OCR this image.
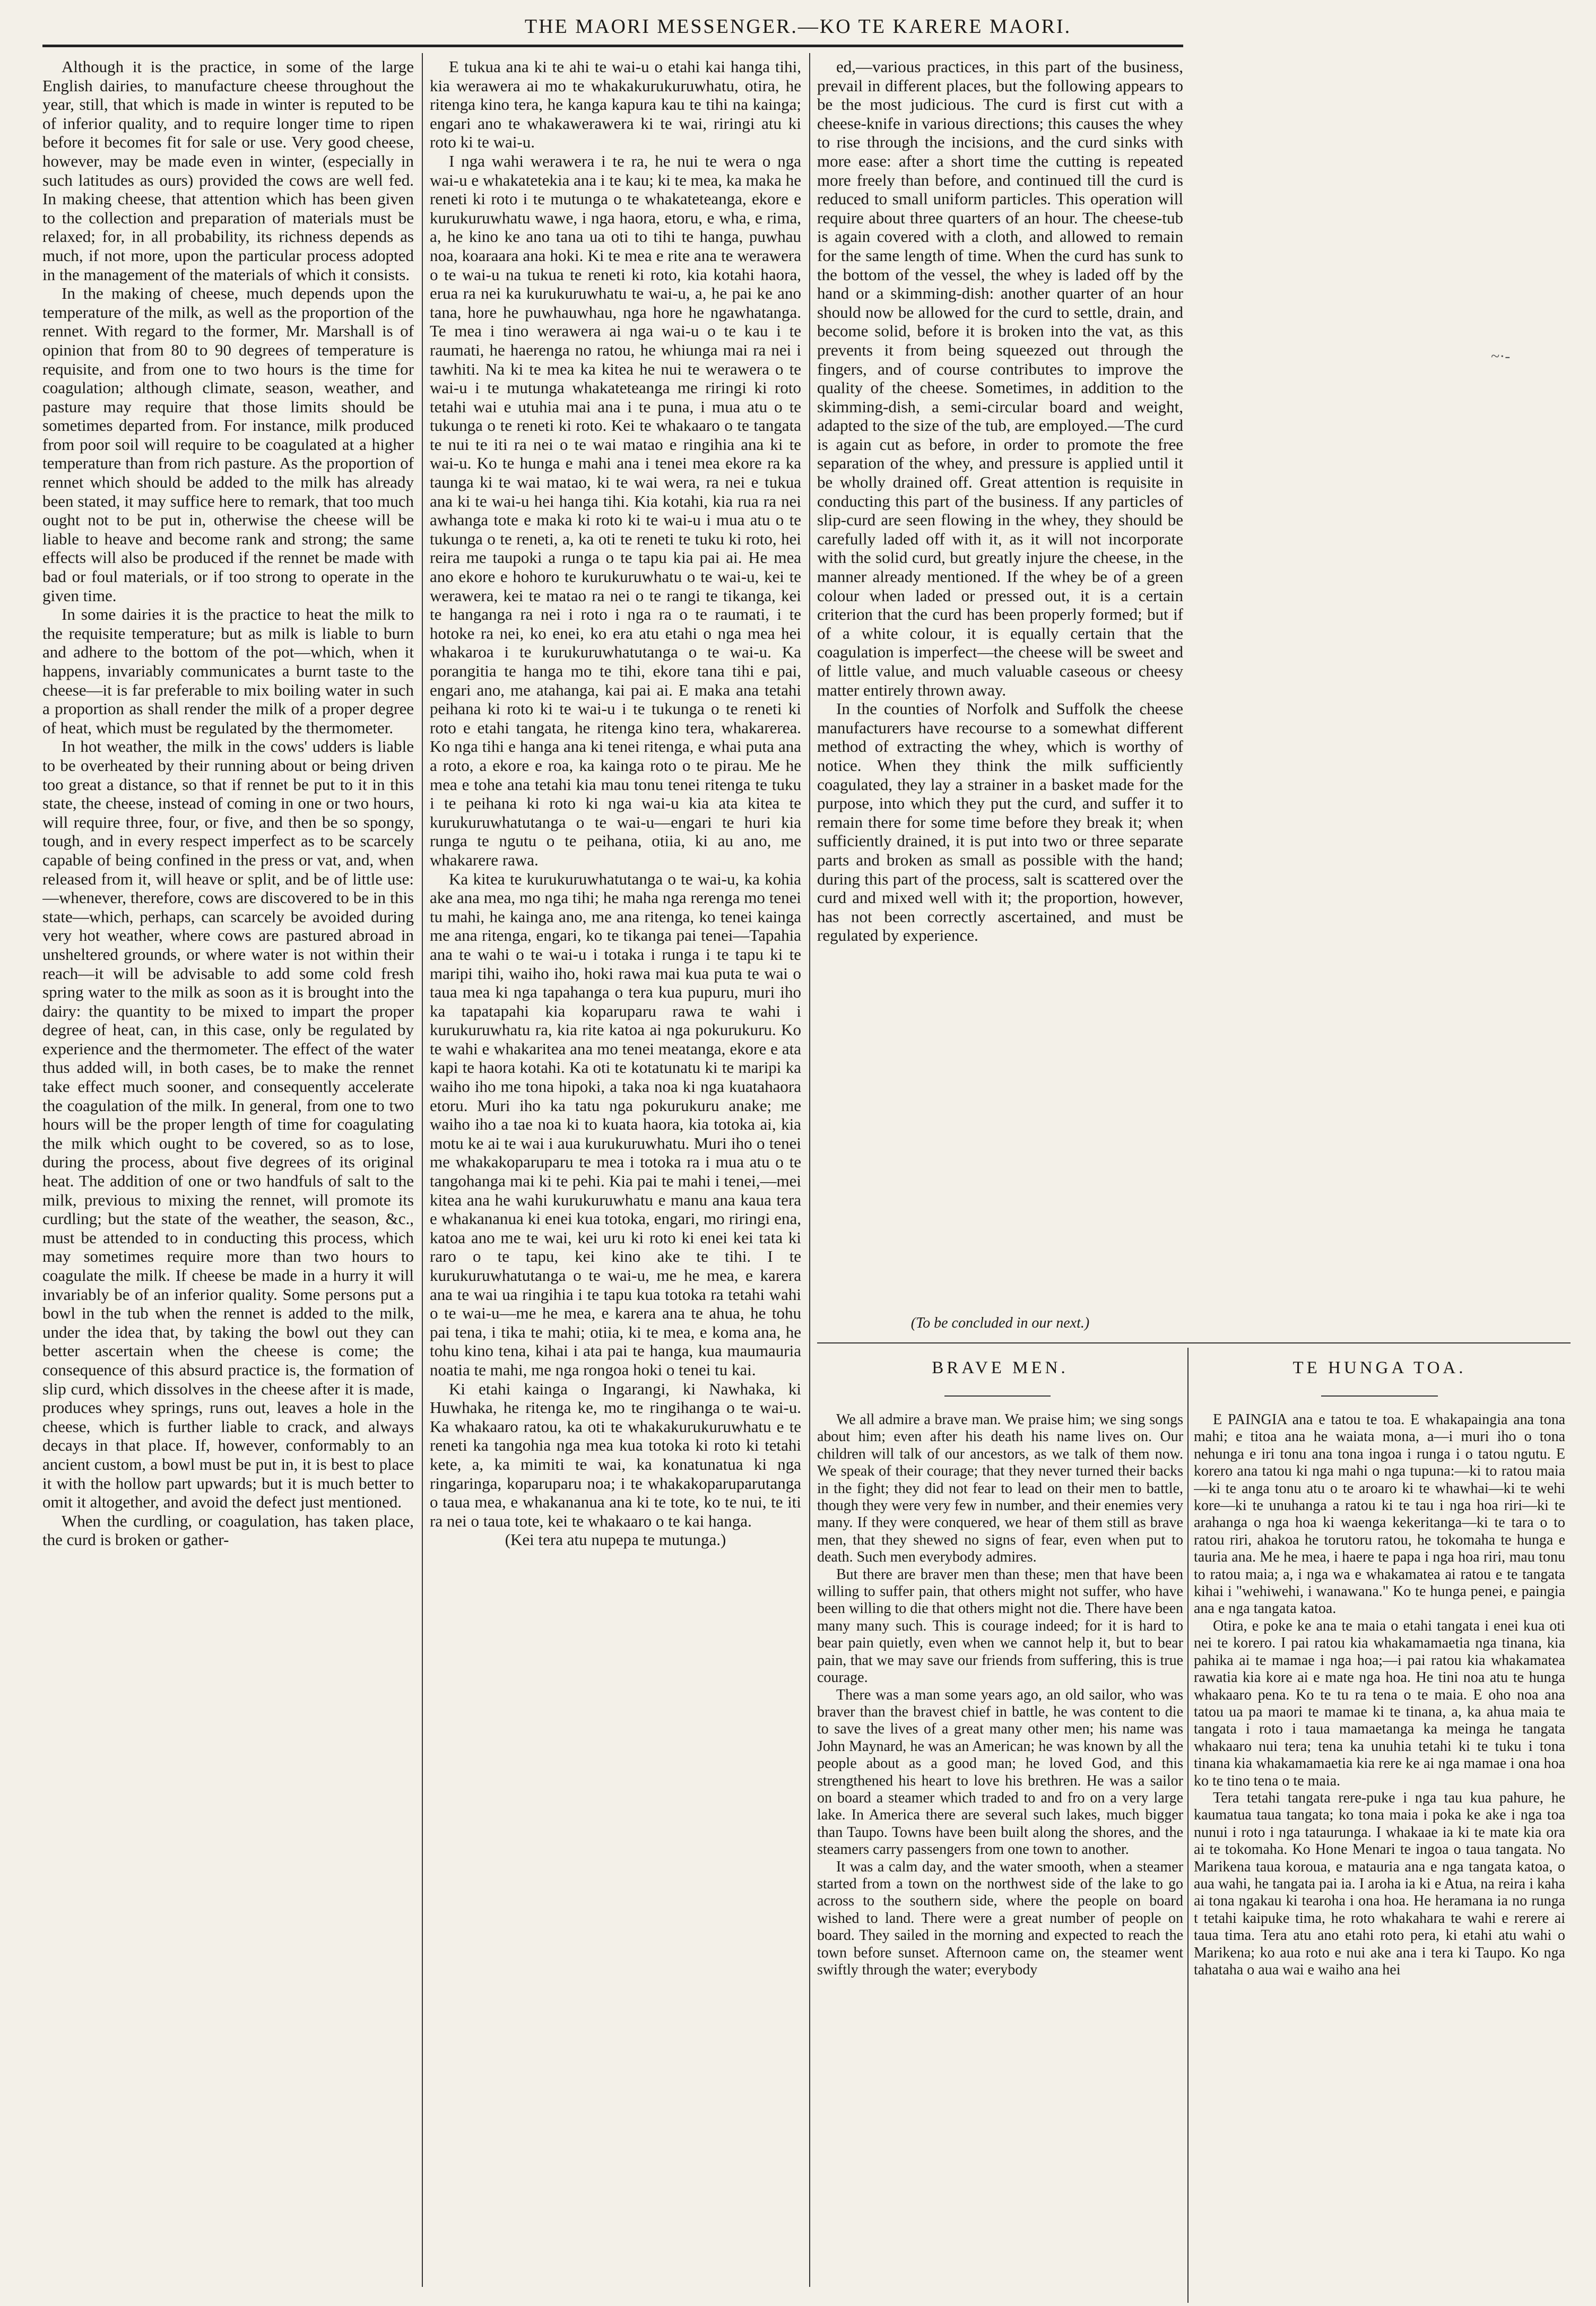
THE MAORI MESSENGER.—KO TE KARERE MAORI.

Although it is the practice, in some of the large English dairies, to manufacture cheese throughout the year, still, that which is made in winter is reputed to be of inferior quality, and to require longer time to ripen before it becomes fit for sale or use. Very good cheese, however, may be made even in winter, (especially in such latitudes as ours) provided the cows are well fed. In making cheese, that attention which has been given to the collection and preparation of materials must be relaxed; for, in all probability, its richness depends as much, if not more, upon the particular process adopted in the management of the materials of which it consists.

In the making of cheese, much depends upon the temperature of the milk, as well as the proportion of the rennet. With regard to the former, Mr. Marshall is of opinion that from 80 to 90 degrees of temperature is requisite, and from one to two hours is the time for coagulation; although climate, season, weather, and pasture may require that those limits should be sometimes departed from. For instance, milk produced from poor soil will require to be coagulated at a higher temperature than from rich pasture. As the proportion of rennet which should be added to the milk has already been stated, it may suffice here to remark, that too much ought not to be put in, otherwise the cheese will be liable to heave and become rank and strong; the same effects will also be produced if the rennet be made with bad or foul materials, or if too strong to operate in the given time.

In some dairies it is the practice to heat the milk to the requisite temperature; but as milk is liable to burn and adhere to the bottom of the pot—which, when it happens, invariably communicates a burnt taste to the cheese—it is far preferable to mix boiling water in such a proportion as shall render the milk of a proper degree of heat, which must be regulated by the thermometer.

In hot weather, the milk in the cows' udders is liable to be overheated by their running about or being driven too great a distance, so that if rennet be put to it in this state, the cheese, instead of coming in one or two hours, will require three, four, or five, and then be so spongy, tough, and in every respect imperfect as to be scarcely capable of being confined in the press or vat, and, when released from it, will heave or split, and be of little use:—whenever, therefore, cows are discovered to be in this state—which, perhaps, can scarcely be avoided during very hot weather, where cows are pastured abroad in unsheltered grounds, or where water is not within their reach—it will be advisable to add some cold fresh spring water to the milk as soon as it is brought into the dairy: the quantity to be mixed to impart the proper degree of heat, can, in this case, only be regulated by experience and the thermometer. The effect of the water thus added will, in both cases, be to make the rennet take effect much sooner, and consequently accelerate the coagulation of the milk. In general, from one to two hours will be the proper length of time for coagulating the milk which ought to be covered, so as to lose, during the process, about five degrees of its original heat. The addition of one or two handfuls of salt to the milk, previous to mixing the rennet, will promote its curdling; but the state of the weather, the season, &c., must be attended to in conducting this process, which may sometimes require more than two hours to coagulate the milk. If cheese be made in a hurry it will invariably be of an inferior quality. Some persons put a bowl in the tub when the rennet is added to the milk, under the idea that, by taking the bowl out they can better ascertain when the cheese is come; the consequence of this absurd practice is, the formation of slip curd, which dissolves in the cheese after it is made, produces whey springs, runs out, leaves a hole in the cheese, which is further liable to crack, and always decays in that place. If, however, conformably to an ancient custom, a bowl must be put in, it is best to place it with the hollow part upwards; but it is much better to omit it altogether, and avoid the defect just mentioned.

When the curdling, or coagulation, has taken place, the curd is broken or gather-

E tukua ana ki te ahi te wai-u o etahi kai hanga tihi, kia werawera ai mo te whakakurukuruwhatu, otira, he ritenga kino tera, he kanga kapura kau te tihi na kainga; engari ano te whakawerawera ki te wai, riringi atu ki roto ki te wai-u.

I nga wahi werawera i te ra, he nui te wera o nga wai-u e whakatetekia ana i te kau; ki te mea, ka maka he reneti ki roto i te mutunga o te whakateteanga, ekore e kurukuruwhatu wawe, i nga haora, etoru, e wha, e rima, a, he kino ke ano tana ua oti to tihi te hanga, puwhau noa, koaraara ana hoki. Ki te mea e rite ana te werawera o te wai-u na tukua te reneti ki roto, kia kotahi haora, erua ra nei ka kurukuruwhatu te wai-u, a, he pai ke ano tana, hore he puwhauwhau, nga hore he ngawhatanga. Te mea i tino werawera ai nga wai-u o te kau i te raumati, he haerenga no ratou, he whiunga mai ra nei i tawhiti. Na ki te mea ka kitea he nui te werawera o te wai-u i te mutunga whakateteanga me riringi ki roto tetahi wai e utuhia mai ana i te puna, i mua atu o te tukunga o te reneti ki roto. Kei te whakaaro o te tangata te nui te iti ra nei o te wai matao e ringihia ana ki te wai-u. Ko te hunga e mahi ana i tenei mea ekore ra ka taunga ki te wai matao, ki te wai wera, ra nei e tukua ana ki te wai-u hei hanga tihi. Kia kotahi, kia rua ra nei awhanga tote e maka ki roto ki te wai-u i mua atu o te tukunga o te reneti, a, ka oti te reneti te tuku ki roto, hei reira me taupoki a runga o te tapu kia pai ai. He mea ano ekore e hohoro te kurukuruwhatu o te wai-u, kei te werawera, kei te matao ra nei o te rangi te tikanga, kei te hanganga ra nei i roto i nga ra o te raumati, i te hotoke ra nei, ko enei, ko era atu etahi o nga mea hei whakaroa i te kurukuruwhatutanga o te wai-u. Ka porangitia te hanga mo te tihi, ekore tana tihi e pai, engari ano, me atahanga, kai pai ai. E maka ana tetahi peihana ki roto ki te wai-u i te tukunga o te reneti ki roto e etahi tangata, he ritenga kino tera, whakarerea. Ko nga tihi e hanga ana ki tenei ritenga, e whai puta ana a roto, a ekore e roa, ka kainga roto o te pirau. Me he mea e tohe ana tetahi kia mau tonu tenei ritenga te tuku i te peihana ki roto ki nga wai-u kia ata kitea te kurukuruwhatutanga o te wai-u—engari te huri kia runga te ngutu o te peihana, otiia, ki au ano, me whakarere rawa.

Ka kitea te kurukuruwhatutanga o te wai-u, ka kohia ake ana mea, mo nga tihi; he maha nga rerenga mo tenei tu mahi, he kainga ano, me ana ritenga, ko tenei kainga me ana ritenga, engari, ko te tikanga pai tenei—Tapahia ana te wahi o te wai-u i totaka i runga i te tapu ki te maripi tihi, waiho iho, hoki rawa mai kua puta te wai o taua mea ki nga tapahanga o tera kua pupuru, muri iho ka tapatapahi kia koparuparu rawa te wahi i kurukuruwhatu ra, kia rite katoa ai nga pokurukuru. Ko te wahi e whakaritea ana mo tenei meatanga, ekore e ata kapi te haora kotahi. Ka oti te kotatunatu ki te maripi ka waiho iho me tona hipoki, a taka noa ki nga kuatahaora etoru. Muri iho ka tatu nga pokurukuru anake; me waiho iho a tae noa ki to kuata haora, kia totoka ai, kia motu ke ai te wai i aua kurukuruwhatu. Muri iho o tenei me whakakoparuparu te mea i totoka ra i mua atu o te tangohanga mai ki te pehi. Kia pai te mahi i tenei,—mei kitea ana he wahi kurukuruwhatu e manu ana kaua tera e whakananua ki enei kua totoka, engari, mo riringi ena, katoa ano me te wai, kei uru ki roto ki enei kei tata ki raro o te tapu, kei kino ake te tihi. I te kurukuruwhatutanga o te wai-u, me he mea, e karera ana te wai ua ringihia i te tapu kua totoka ra tetahi wahi o te wai-u—me he mea, e karera ana te ahua, he tohu pai tena, i tika te mahi; otiia, ki te mea, e koma ana, he tohu kino tena, kihai i ata pai te hanga, kua maumauria noatia te mahi, me nga rongoa hoki o tenei tu kai.

Ki etahi kainga o Ingarangi, ki Nawhaka, ki Huwhaka, he ritenga ke, mo te ringihanga o te wai-u. Ka whakaaro ratou, ka oti te whakakurukuruwhatu e te reneti ka tangohia nga mea kua totoka ki roto ki tetahi kete, a, ka mimiti te wai, ka konatunatua ki nga ringaringa, koparuparu noa; i te whakakoparuparutanga o taua mea, e whakananua ana ki te tote, ko te nui, te iti ra nei o taua tote, kei te whakaaro o te kai hanga.

(Kei tera atu nupepa te mutunga.)

ed,—various practices, in this part of the business, prevail in different places, but the following appears to be the most judicious. The curd is first cut with a cheese-knife in various directions; this causes the whey to rise through the incisions, and the curd sinks with more ease: after a short time the cutting is repeated more freely than before, and continued till the curd is reduced to small uniform particles. This operation will require about three quarters of an hour. The cheese-tub is again covered with a cloth, and allowed to remain for the same length of time. When the curd has sunk to the bottom of the vessel, the whey is laded off by the hand or a skimming-dish: another quarter of an hour should now be allowed for the curd to settle, drain, and become solid, before it is broken into the vat, as this prevents it from being squeezed out through the fingers, and of course contributes to improve the quality of the cheese. Sometimes, in addition to the skimming-dish, a semi-circular board and weight, adapted to the size of the tub, are employed.—The curd is again cut as before, in order to promote the free separation of the whey, and pressure is applied until it be wholly drained off. Great attention is requisite in conducting this part of the business. If any particles of slip-curd are seen flowing in the whey, they should be carefully laded off with it, as it will not incorporate with the solid curd, but greatly injure the cheese, in the manner already mentioned. If the whey be of a green colour when laded or pressed out, it is a certain criterion that the curd has been properly formed; but if of a white colour, it is equally certain that the coagulation is imperfect—the cheese will be sweet and of little value, and much valuable caseous or cheesy matter entirely thrown away.

In the counties of Norfolk and Suffolk the cheese manufacturers have recourse to a somewhat different method of extracting the whey, which is worthy of notice. When they think the milk sufficiently coagulated, they lay a strainer in a basket made for the purpose, into which they put the curd, and suffer it to remain there for some time before they break it; when sufficiently drained, it is put into two or three separate parts and broken as small as possible with the hand; during this part of the process, salt is scattered over the curd and mixed well with it; the proportion, however, has not been correctly ascertained, and must be regulated by experience.

(To be concluded in our next.)
BRAVE MEN.	TE HUNGA TOA.

We all admire a brave man. We praise him; we sing songs about him; even after his death his name lives on. Our children will talk of our ancestors, as we talk of them now. We speak of their courage; that they never turned their backs in the fight; they did not fear to lead on their men to battle, though they were very few in number, and their enemies very many. If they were conquered, we hear of them still as brave men, that they shewed no signs of fear, even when put to death. Such men everybody admires.

But there are braver men than these; men that have been willing to suffer pain, that others might not suffer, who have been willing to die that others might not die. There have been many many such. This is courage indeed; for it is hard to bear pain quietly, even when we cannot help it, but to bear pain, that we may save our friends from suffering, this is true courage.

There was a man some years ago, an old sailor, who was braver than the bravest chief in battle, he was content to die to save the lives of a great many other men; his name was John Maynard, he was an American; he was known by all the people about as a good man; he loved God, and this strengthened his heart to love his brethren. He was a sailor on board a steamer which traded to and fro on a very large lake. In America there are several such lakes, much bigger than Taupo. Towns have been built along the shores, and the steamers carry passengers from one town to another.

It was a calm day, and the water smooth, when a steamer started from a town on the northwest side of the lake to go across to the southern side, where the people on board wished to land. There were a great number of people on board. They sailed in the morning and expected to reach the town before sunset. Afternoon came on, the steamer went swiftly through the water; everybody

E PAINGIA ana e tatou te toa. E whakapaingia ana tona mahi; e titoa ana he waiata mona, a—i muri iho o tona nehunga e iri tonu ana tona ingoa i runga i o tatou ngutu. E korero ana tatou ki nga mahi o nga tupuna:—ki to ratou maia—ki te anga tonu atu o te aroaro ki te whawhai—ki te wehi kore—ki te unuhanga a ratou ki te tau i nga hoa riri—ki te arahanga o nga hoa ki waenga kekeritanga—ki te tara o to ratou riri, ahakoa he torutoru ratou, he tokomaha te hunga e tauria ana. Me he mea, i haere te papa i nga hoa riri, mau tonu to ratou maia; a, i nga wa e whakamatea ai ratou e te tangata kihai i "wehiwehi, i wanawana." Ko te hunga penei, e paingia ana e nga tangata katoa.

Otira, e poke ke ana te maia o etahi tangata i enei kua oti nei te korero. I pai ratou kia whakamamaetia nga tinana, kia pahika ai te mamae i nga hoa;—i pai ratou kia whakamatea rawatia kia kore ai e mate nga hoa. He tini noa atu te hunga whakaaro pena. Ko te tu ra tena o te maia. E oho noa ana tatou ua pa maori te mamae ki te tinana, a, ka ahua maia te tangata i roto i taua mamaetanga ka meinga he tangata whakaaro nui tera; tena ka unuhia tetahi ki te tuku i tona tinana kia whakamamaetia kia rere ke ai nga mamae i ona hoa ko te tino tena o te maia.

Tera tetahi tangata rere-puke i nga tau kua pahure, he kaumatua taua tangata; ko tona maia i poka ke ake i nga toa nunui i roto i nga tataurunga. I whakaae ia ki te mate kia ora ai te tokomaha. Ko Hone Menari te ingoa o taua tangata. No Marikena taua koroua, e matauria ana e nga tangata katoa, o aua wahi, he tangata pai ia. I aroha ia ki e Atua, na reira i kaha ai tona ngakau ki tearoha i ona hoa. He heramana ia no runga t tetahi kaipuke tima, he roto whakahara te wahi e rerere ai taua tima. Tera atu ano etahi roto pera, ki etahi atu wahi o Marikena; ko aua roto e nui ake ana i tera ki Taupo. Ko nga tahataha o aua wai e waiho ana hei

~·-
